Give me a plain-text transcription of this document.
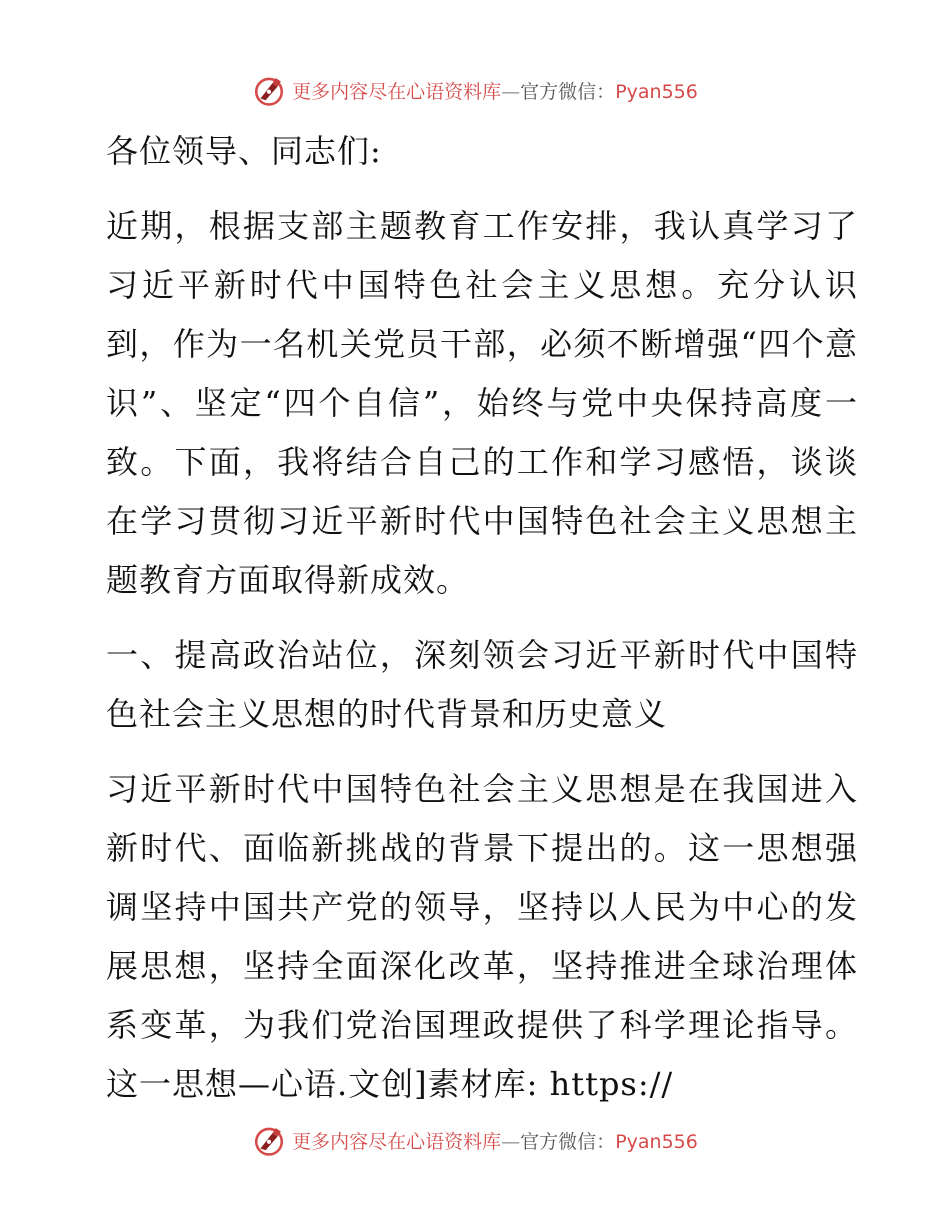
更多内容尽在心语资料库—官方微信：Pyan556

各位领导、同志们:

近期，根据支部主题教育工作安排，我认真学习了习近平新时代中国特色社会主义思想。充分认识到，作为一名机关党员干部，必须不断增强“四个意识”、坚定“四个自信”，始终与党中央保持高度一致。下面，我将结合自己的工作和学习感悟，谈谈在学习贯彻习近平新时代中国特色社会主义思想主题教育方面取得新成效。

一、提高政治站位，深刻领会习近平新时代中国特色社会主义思想的时代背景和历史意义

习近平新时代中国特色社会主义思想是在我国进入新时代、面临新挑战的背景下提出的。这一思想强调坚持中国共产党的领导，坚持以人民为中心的发展思想，坚持全面深化改革，坚持推进全球治理体系变革，为我们党治国理政提供了科学理论指导。这一思想—心语.文创]素材库: https://

更多内容尽在心语资料库—官方微信：Pyan556
